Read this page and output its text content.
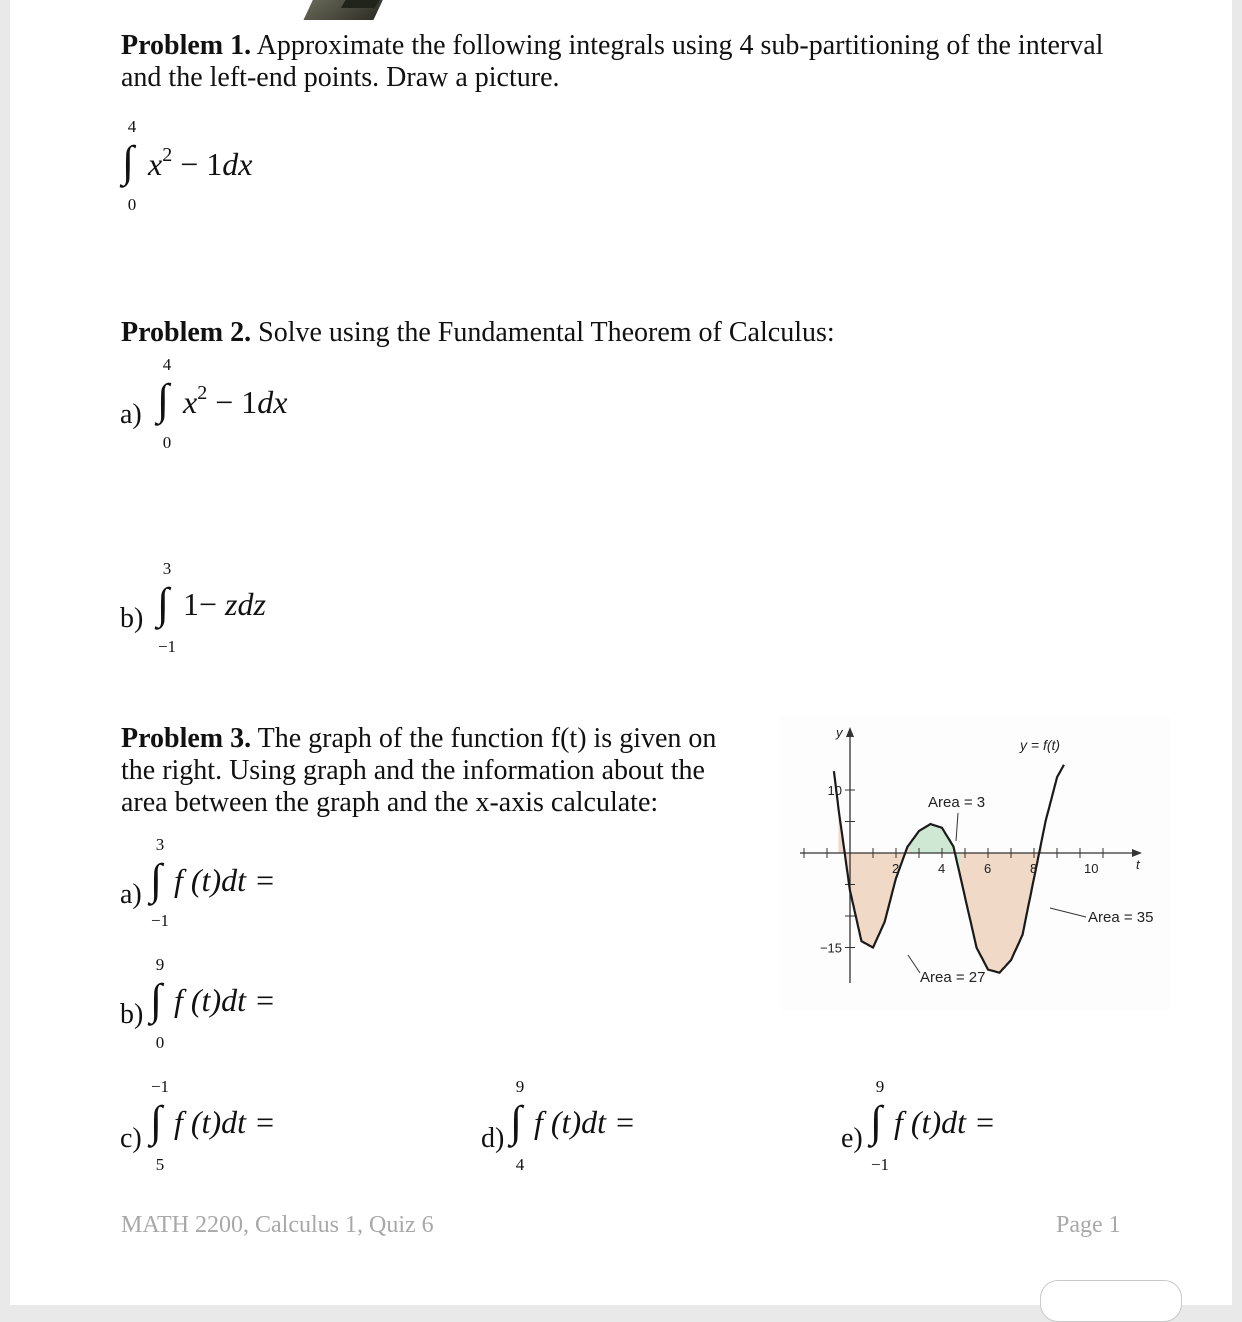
Problem 1. Approximate the following integrals using 4 sub-partitioning of the interval
and the left-end points. Draw a picture.
4
∫
0
$x^2 - 1dx$
Problem 2. Solve using the Fundamental Theorem of Calculus:
a)
4
∫
0
$x^2 - 1dx$
b)
3
∫
−1
1− zdz
Problem 3. The graph of the function f(t) is given on
the right. Using graph and the information about the
area between the graph and the x-axis calculate:
a)
3
∫
−1
f (t)dt =
b)
9
∫
0
f (t)dt =
c)
−1
∫
5
f (t)dt =	d)
9
∫
4
f (t)dt =	e)
9
∫
−1
f (t)dt =
2	4	6	8	10
10
−15
t
y
y = f(t)
Area = 3
Area = 27
Area = 35
MATH 2200, Calculus 1, Quiz 6	Page 1
